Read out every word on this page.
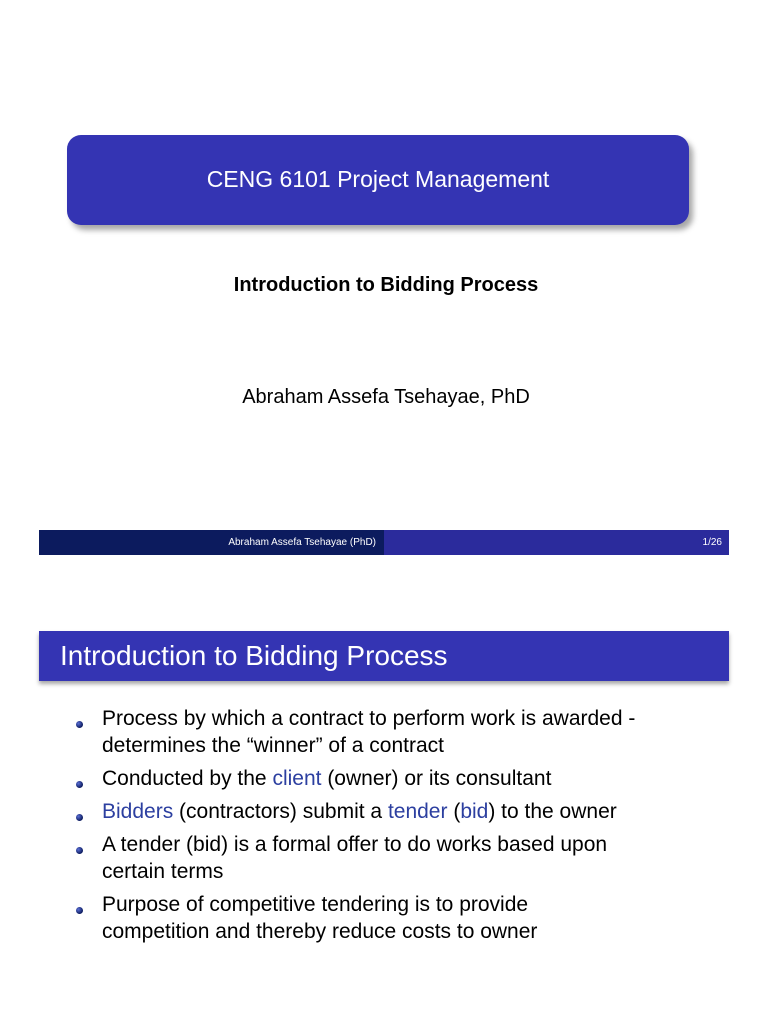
CENG 6101 Project Management
Introduction to Bidding Process
Abraham Assefa Tsehayae, PhD
Abraham Assefa Tsehayae (PhD)	1/26
Introduction to Bidding Process
Process by which a contract to perform work is awarded -
determines the “winner” of a contract
Conducted by the client (owner) or its consultant
Bidders (contractors) submit a tender (bid) to the owner
A tender (bid) is a formal offer to do works based upon
certain terms
Purpose of competitive tendering is to provide
competition and thereby reduce costs to owner
